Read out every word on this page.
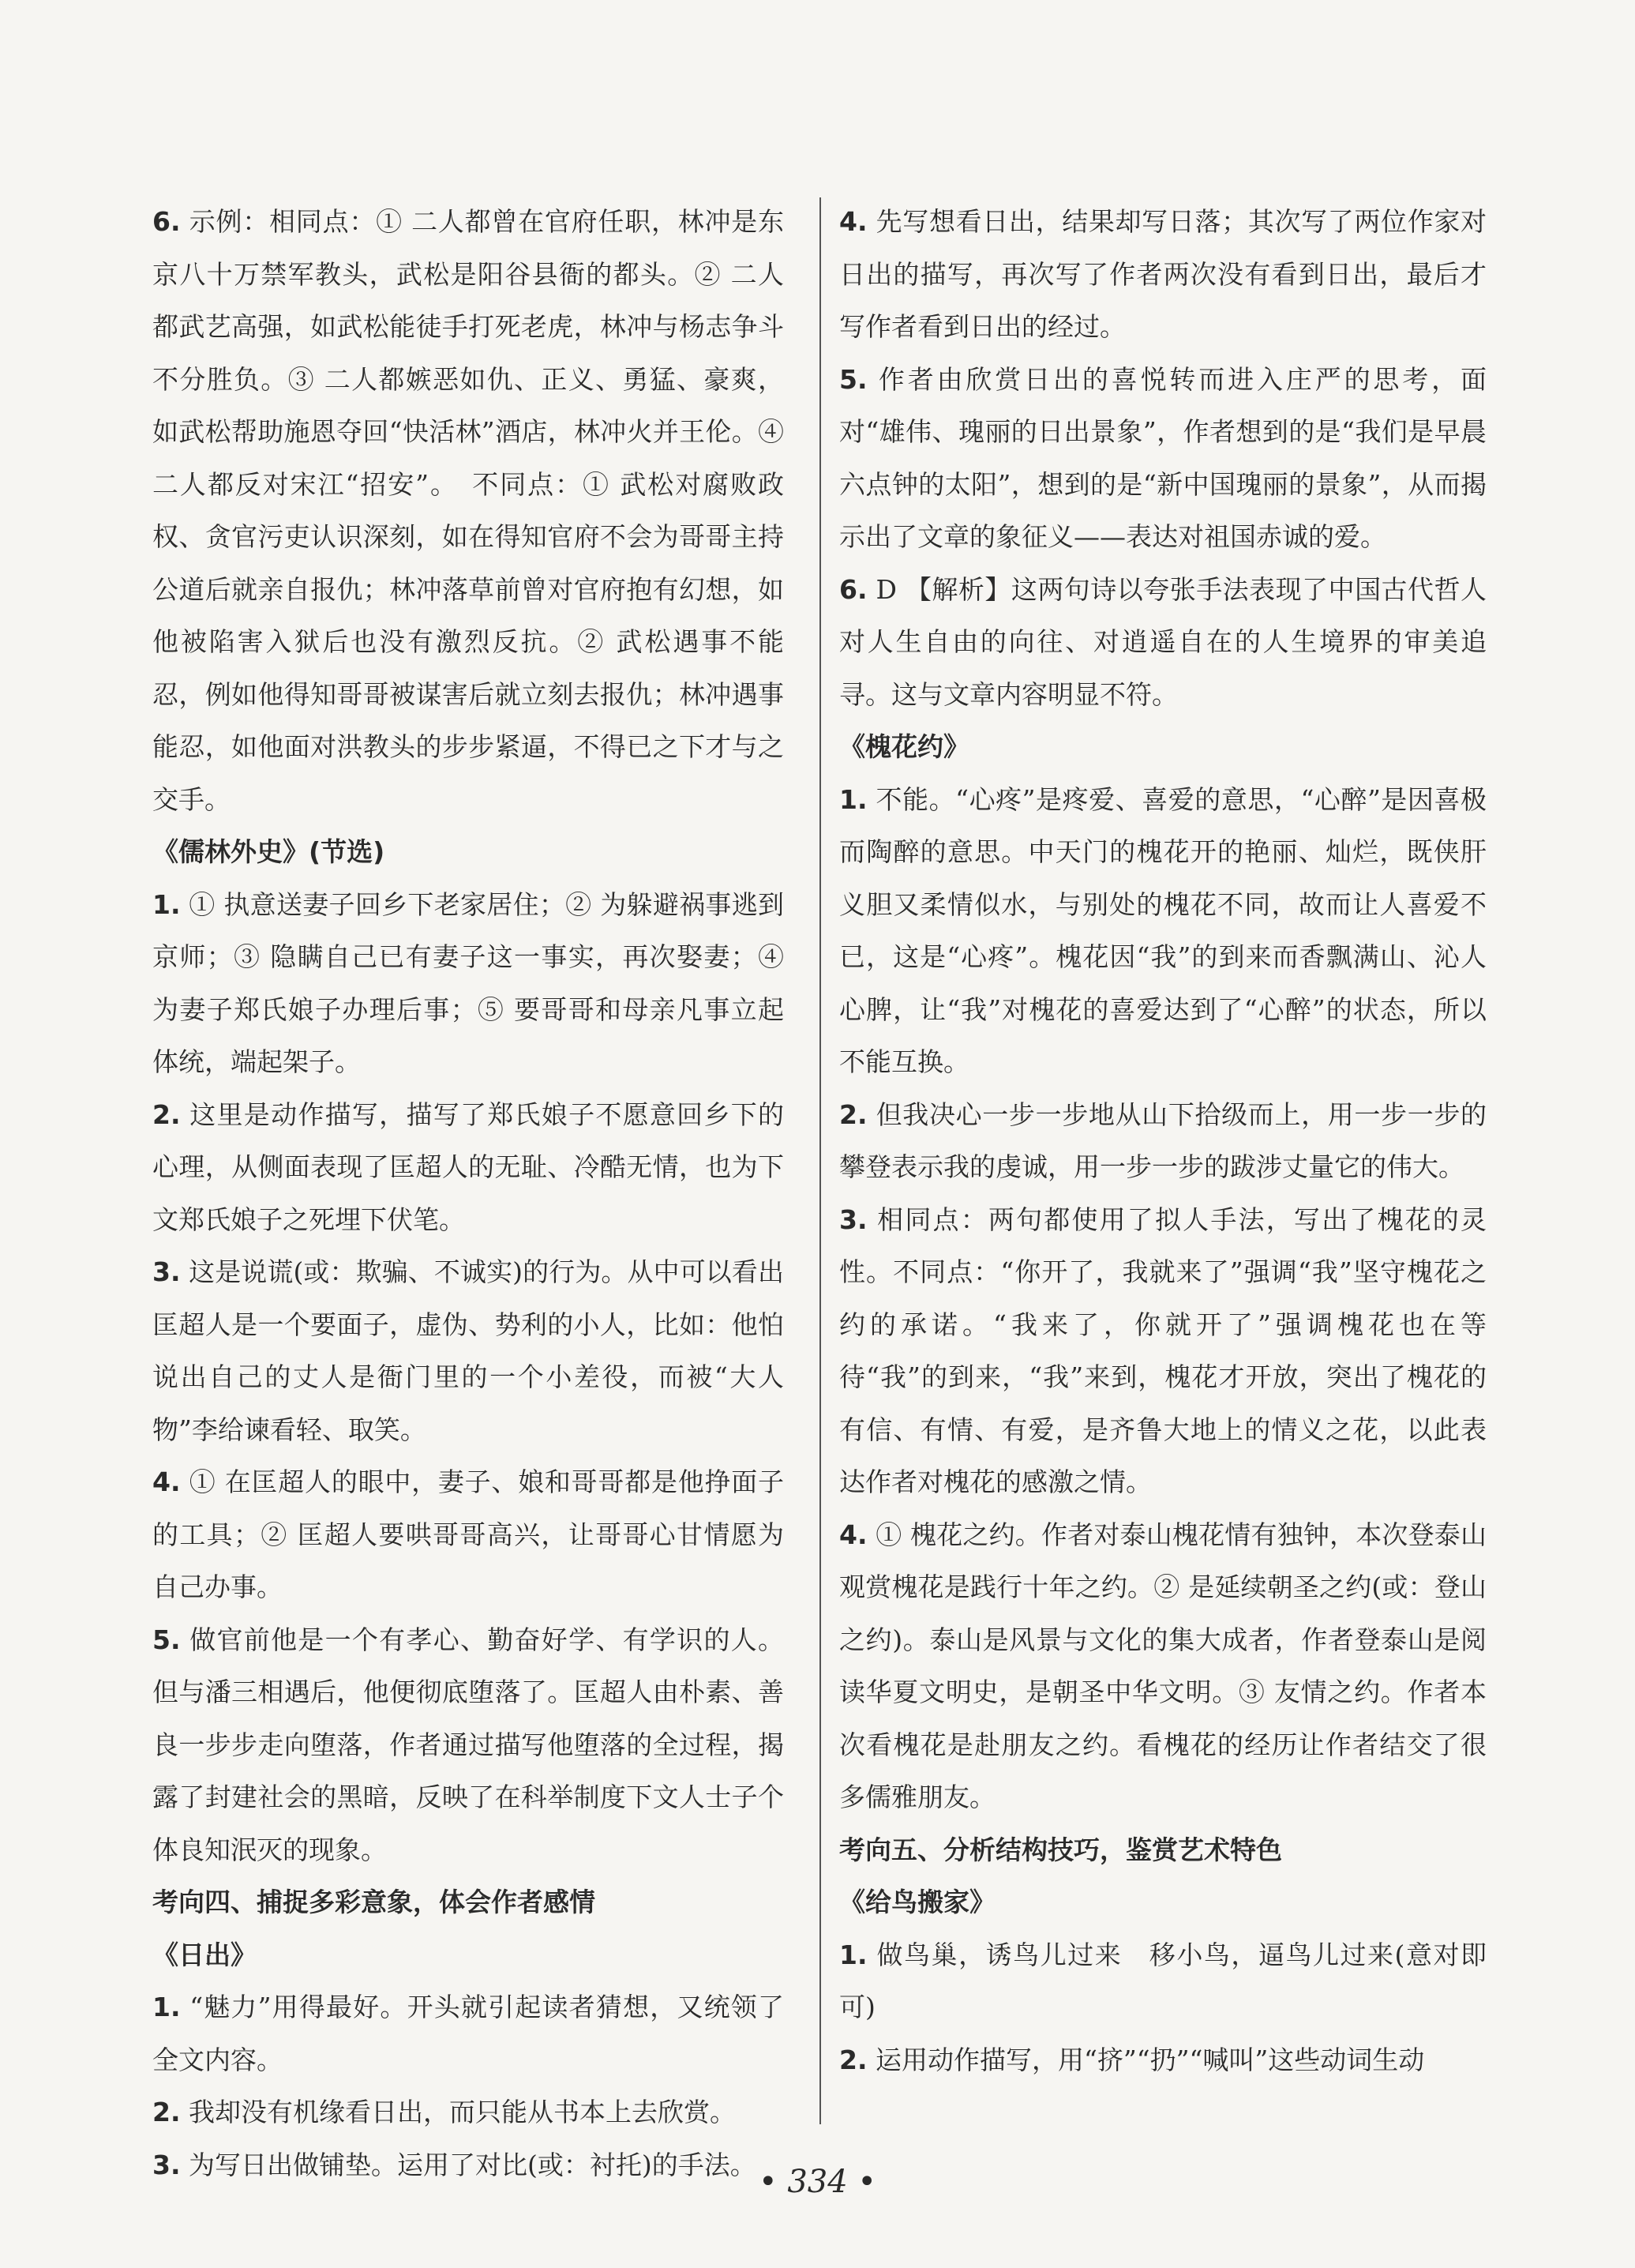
6. 示例：相同点：① 二人都曾在官府任职，林冲是东京八十万禁军教头，武松是阳谷县衙的都头。② 二人都武艺高强，如武松能徒手打死老虎，林冲与杨志争斗不分胜负。③ 二人都嫉恶如仇、正义、勇猛、豪爽，如武松帮助施恩夺回“快活林”酒店，林冲火并王伦。④ 二人都反对宋江“招安”。　不同点：① 武松对腐败政权、贪官污吏认识深刻，如在得知官府不会为哥哥主持公道后就亲自报仇；林冲落草前曾对官府抱有幻想，如他被陷害入狱后也没有激烈反抗。② 武松遇事不能忍，例如他得知哥哥被谋害后就立刻去报仇；林冲遇事能忍，如他面对洪教头的步步紧逼，不得已之下才与之交手。

《儒林外史》(节选)

1. ① 执意送妻子回乡下老家居住；② 为躲避祸事逃到京师；③ 隐瞒自己已有妻子这一事实，再次娶妻；④ 为妻子郑氏娘子办理后事；⑤ 要哥哥和母亲凡事立起体统，端起架子。

2. 这里是动作描写，描写了郑氏娘子不愿意回乡下的心理，从侧面表现了匡超人的无耻、冷酷无情，也为下文郑氏娘子之死埋下伏笔。

3. 这是说谎(或：欺骗、不诚实)的行为。从中可以看出匡超人是一个要面子，虚伪、势利的小人，比如：他怕说出自己的丈人是衙门里的一个小差役，而被“大人物”李给谏看轻、取笑。

4. ① 在匡超人的眼中，妻子、娘和哥哥都是他挣面子的工具；② 匡超人要哄哥哥高兴，让哥哥心甘情愿为自己办事。

5. 做官前他是一个有孝心、勤奋好学、有学识的人。但与潘三相遇后，他便彻底堕落了。匡超人由朴素、善良一步步走向堕落，作者通过描写他堕落的全过程，揭露了封建社会的黑暗，反映了在科举制度下文人士子个体良知泯灭的现象。

考向四、捕捉多彩意象，体会作者感情

《日出》

1. “魅力”用得最好。开头就引起读者猜想，又统领了全文内容。

2. 我却没有机缘看日出，而只能从书本上去欣赏。

3. 为写日出做铺垫。运用了对比(或：衬托)的手法。

4. 先写想看日出，结果却写日落；其次写了两位作家对日出的描写，再次写了作者两次没有看到日出，最后才写作者看到日出的经过。

5. 作者由欣赏日出的喜悦转而进入庄严的思考，面对“雄伟、瑰丽的日出景象”，作者想到的是“我们是早晨六点钟的太阳”，想到的是“新中国瑰丽的景象”，从而揭示出了文章的象征义——表达对祖国赤诚的爱。

6. D 【解析】这两句诗以夸张手法表现了中国古代哲人对人生自由的向往、对逍遥自在的人生境界的审美追寻。这与文章内容明显不符。

《槐花约》

1. 不能。“心疼”是疼爱、喜爱的意思，“心醉”是因喜极而陶醉的意思。中天门的槐花开的艳丽、灿烂，既侠肝义胆又柔情似水，与别处的槐花不同，故而让人喜爱不已，这是“心疼”。槐花因“我”的到来而香飘满山、沁人心脾，让“我”对槐花的喜爱达到了“心醉”的状态，所以不能互换。

2. 但我决心一步一步地从山下拾级而上，用一步一步的攀登表示我的虔诚，用一步一步的跋涉丈量它的伟大。

3. 相同点：两句都使用了拟人手法，写出了槐花的灵性。不同点：“你开了，我就来了”强调“我”坚守槐花之约的承诺。“我来了，你就开了”强调槐花也在等待“我”的到来，“我”来到，槐花才开放，突出了槐花的有信、有情、有爱，是齐鲁大地上的情义之花，以此表达作者对槐花的感激之情。

4. ① 槐花之约。作者对泰山槐花情有独钟，本次登泰山观赏槐花是践行十年之约。② 是延续朝圣之约(或：登山之约)。泰山是风景与文化的集大成者，作者登泰山是阅读华夏文明史，是朝圣中华文明。③ 友情之约。作者本次看槐花是赴朋友之约。看槐花的经历让作者结交了很多儒雅朋友。

考向五、分析结构技巧，鉴赏艺术特色

《给鸟搬家》

1. 做鸟巢，诱鸟儿过来　移小鸟，逼鸟儿过来(意对即可)

2. 运用动作描写，用“挤”“扔”“喊叫”这些动词生动

• 334 •
